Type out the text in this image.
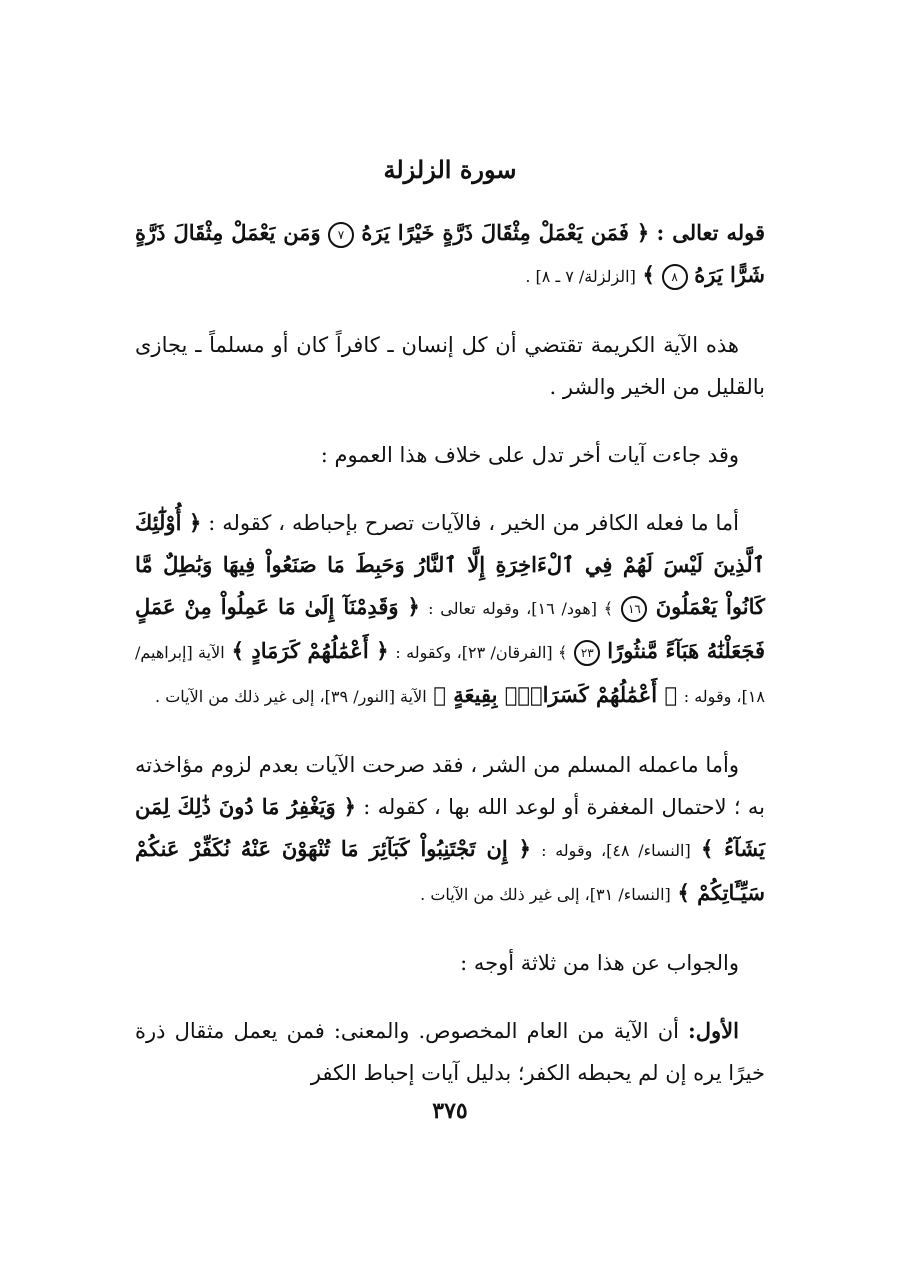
سورة الزلزلة
قوله تعالى : ﴿ فَمَن يَعْمَلْ مِثْقَالَ ذَرَّةٍ خَيْرًا يَرَهُ ٧ وَمَن يَعْمَلْ مِثْقَالَ ذَرَّةٍ شَرًّا يَرَهُ ٨ ﴾ [الزلزلة/ ٧ ـ ٨] .
هذه الآية الكريمة تقتضي أن كل إنسان ـ كافراً كان أو مسلماً ـ يجازى بالقليل من الخير والشر .
وقد جاءت آيات أخر تدل على خلاف هذا العموم :
أما ما فعله الكافر من الخير ، فالآيات تصرح بإحباطه ، كقوله : ﴿ أُوْلَٰٓئِكَ ٱلَّذِينَ لَيْسَ لَهُمْ فِي ٱلْءَاخِرَةِ إِلَّا ٱلنَّارُ وَحَبِطَ مَا صَنَعُواْ فِيهَا وَبَٰطِلٌ مَّا كَانُواْ يَعْمَلُونَ ١٦ ﴾ [هود/ ١٦]، وقوله تعالى : ﴿ وَقَدِمْنَآ إِلَىٰ مَا عَمِلُواْ مِنْ عَمَلٍ فَجَعَلْنَٰهُ هَبَآءً مَّنثُورًا ٢٣ ﴾ [الفرقان/ ٢٣]، وكقوله : ﴿ أَعْمَٰلُهُمْ كَرَمَادٍ ﴾ الآية [إبراهيم/ ١٨]، وقوله : ﴿ أَعْمَٰلُهُمْ كَسَرَابٍۭ بِقِيعَةٍ ﴾ الآية [النور/ ٣٩]، إلى غير ذلك من الآيات .
وأما ماعمله المسلم من الشر ، فقد صرحت الآيات بعدم لزوم مؤاخذته به ؛ لاحتمال المغفرة أو لوعد الله بها ، كقوله : ﴿ وَيَغْفِرُ مَا دُونَ ذَٰلِكَ لِمَن يَشَآءُ ﴾ [النساء/ ٤٨]، وقوله : ﴿ إِن تَجْتَنِبُواْ كَبَآئِرَ مَا تُنْهَوْنَ عَنْهُ نُكَفِّرْ عَنكُمْ سَيِّـَٔاتِكُمْ ﴾ [النساء/ ٣١]، إلى غير ذلك من الآيات .
والجواب عن هذا من ثلاثة أوجه :
الأول: أن الآية من العام المخصوص. والمعنى: فمن يعمل مثقال ذرة خيرًا يره إن لم يحبطه الكفر؛ بدليل آيات إحباط الكفر
٣٧٥
